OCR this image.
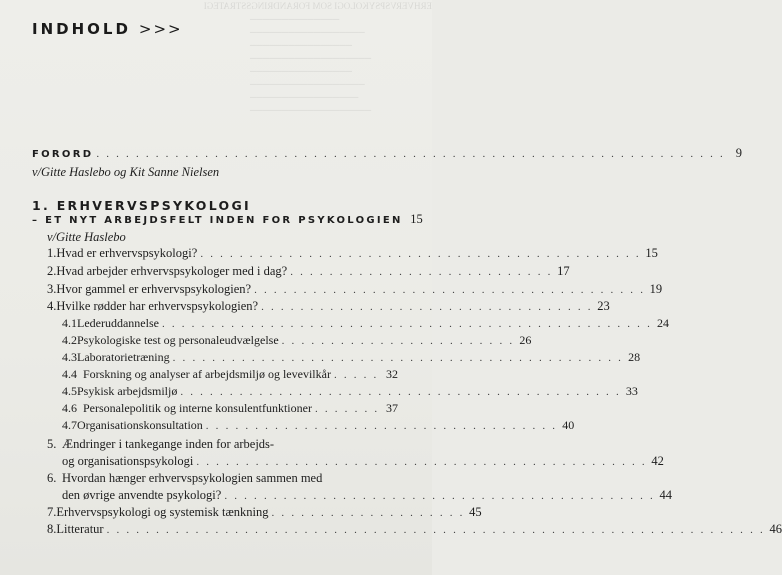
ERHVERVSPSYKOLOGI SOM FORANDRINGSSTRATEGI
──────────────
──────────────────
────────────────
───────────────────
────────────────
──────────────────
─────────────────
───────────────────
INDHOLD >>>
FORORD . . . . . . . . . . . . . . . . . . . . . . . . . . . . . . . . . . . . . . . . . . . . . . . . . . . . . . . . . . . . . . . . 9
v/Gitte Haslebo og Kit Sanne Nielsen
1. ERHVERVSPSYKOLOGI
– ET NYT ARBEJDSFELT INDEN FOR PSYKOLOGIEN 15
v/Gitte Haslebo
1. Hvad er erhvervspsykologi? . . . . . . . . . . . . . . . . . . . . . . . . . . . . . . . . . . . . . . . . . . . . . 15
2. Hvad arbejder erhvervspsykologer med i dag? . . . . . . . . . . . . . . . . . . . . . . . . . . . 17
3. Hvor gammel er erhvervspsykologien? . . . . . . . . . . . . . . . . . . . . . . . . . . . . . . . . . . . . . . . . 19
4. Hvilke rødder har erhvervspsykologien? . . . . . . . . . . . . . . . . . . . . . . . . . . . . . . . . . . 23
4.1 Lederuddannelse . . . . . . . . . . . . . . . . . . . . . . . . . . . . . . . . . . . . . . . . . . . . . . . . . . 24
4.2 Psykologiske test og personaleudvælgelse . . . . . . . . . . . . . . . . . . . . . . . . 26
4.3 Laboratorietræning . . . . . . . . . . . . . . . . . . . . . . . . . . . . . . . . . . . . . . . . . . . . . . 28
4.4 Forskning og analyser af arbejdsmiljø og levevilkår . . . . . 32
4.5 Psykisk arbejdsmiljø . . . . . . . . . . . . . . . . . . . . . . . . . . . . . . . . . . . . . . . . . . . . . 33
4.6 Personalepolitik og interne konsulentfunktioner . . . . . . . 37
4.7 Organisationskonsultation . . . . . . . . . . . . . . . . . . . . . . . . . . . . . . . . . . . . 40
5. Ændringer i tankegange inden for arbejds-
og organisationspsykologi . . . . . . . . . . . . . . . . . . . . . . . . . . . . . . . . . . . . . . . . . . . . . . 42
6. Hvordan hænger erhvervspsykologien sammen med
den øvrige anvendte psykologi? . . . . . . . . . . . . . . . . . . . . . . . . . . . . . . . . . . . . . . . . . . . . 44
7. Erhvervspsykologi og systemisk tænkning . . . . . . . . . . . . . . . . . . . . 45
8. Litteratur . . . . . . . . . . . . . . . . . . . . . . . . . . . . . . . . . . . . . . . . . . . . . . . . . . . . . . . . . . . . . . . . . . . 46
